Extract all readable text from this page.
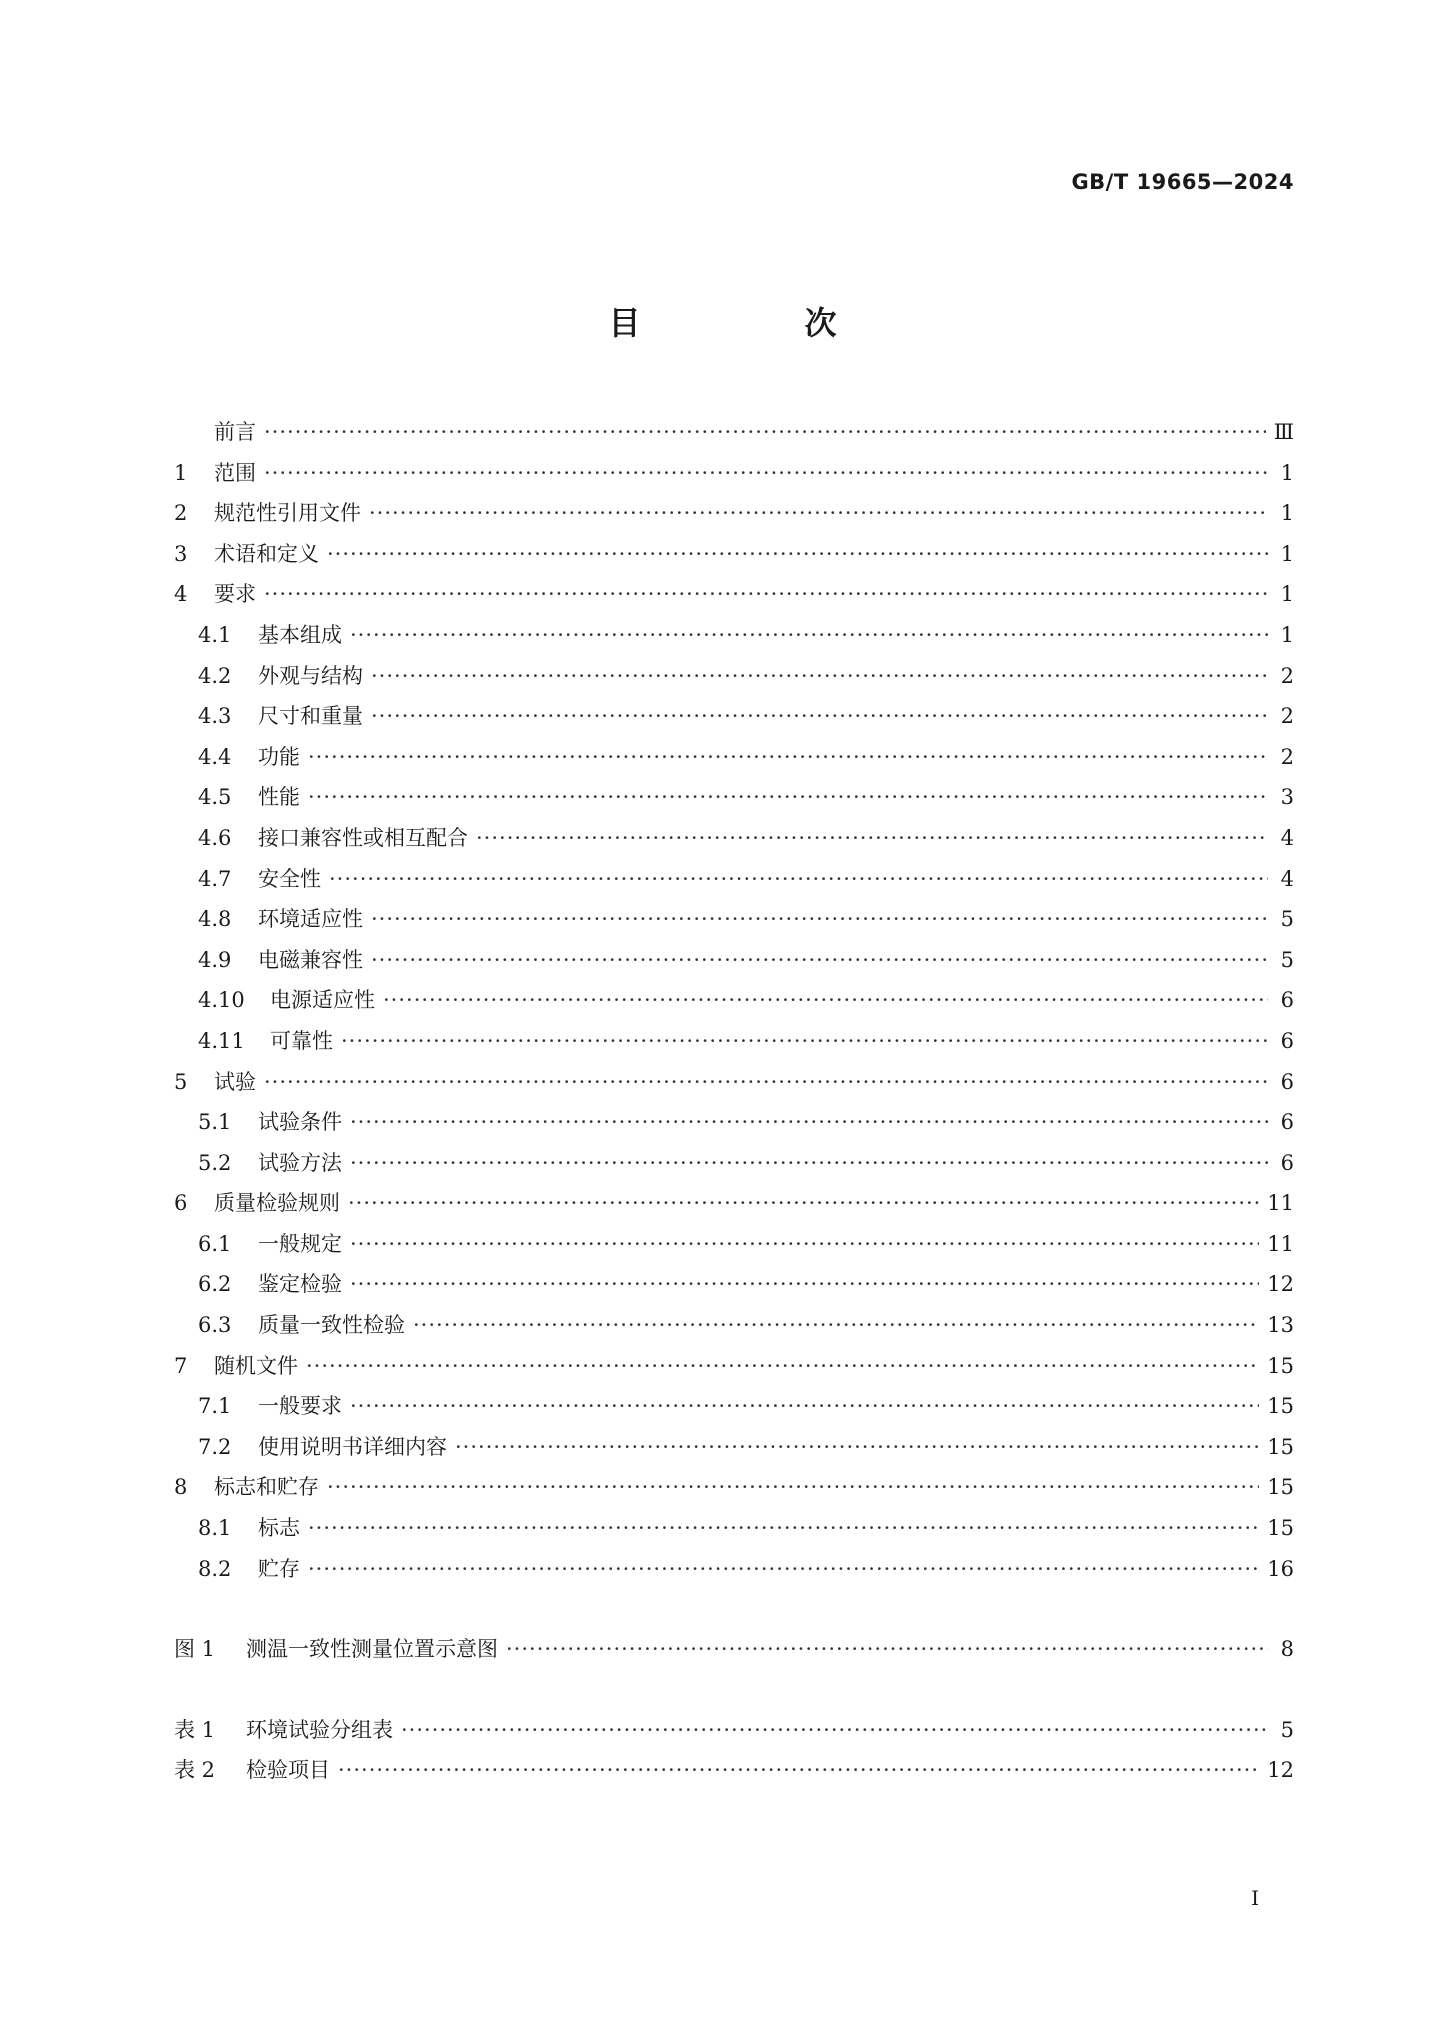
GB/T 19665—2024
目　次
前言 ·····	Ⅲ
1	范围 ·····	1
2	规范性引用文件 ·····	1
3	术语和定义 ·····	1
4	要求 ·····	1
4.1	基本组成 ·····	1
4.2	外观与结构 ·····	2
4.3	尺寸和重量 ·····	2
4.4	功能 ·····	2
4.5	性能 ·····	3
4.6	接口兼容性或相互配合 ·····	4
4.7	安全性 ·····	4
4.8	环境适应性 ·····	5
4.9	电磁兼容性 ·····	5
4.10	电源适应性 ·····	6
4.11	可靠性 ·····	6
5	试验 ·····	6
5.1	试验条件 ·····	6
5.2	试验方法 ·····	6
6	质量检验规则 ·····	11
6.1	一般规定 ·····	11
6.2	鉴定检验 ·····	12
6.3	质量一致性检验 ·····	13
7	随机文件 ·····	15
7.1	一般要求 ·····	15
7.2	使用说明书详细内容 ·····	15
8	标志和贮存 ·····	15
8.1	标志 ·····	15
8.2	贮存 ·····	16
图 1	测温一致性测量位置示意图 ·····	8
表 1	环境试验分组表 ·····	5
表 2	检验项目 ·····	12
I
